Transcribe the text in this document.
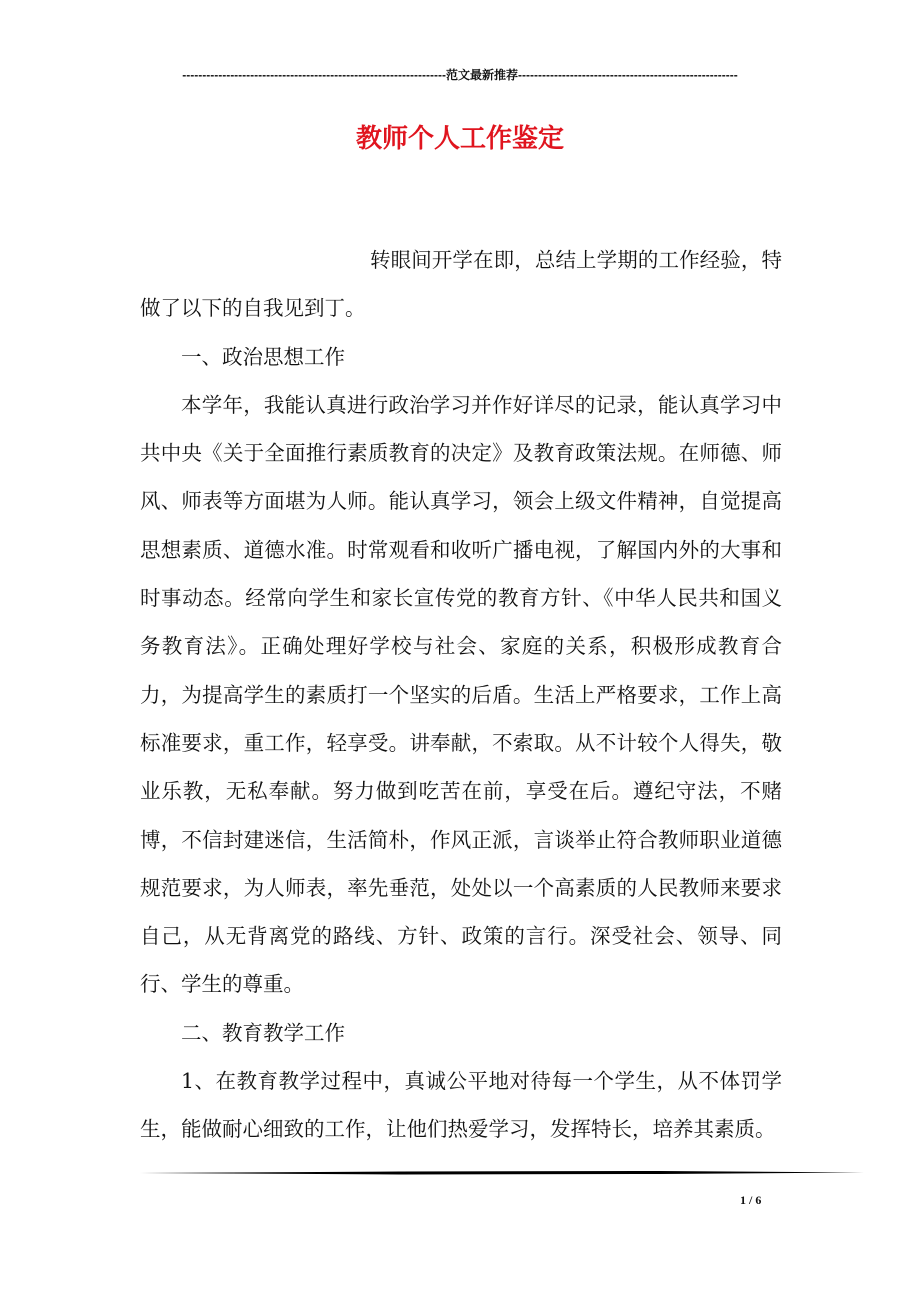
------------------------------------------------------------------范文最新推荐-------------------------------------------------------
教师个人工作鉴定

转眼间开学在即，总结上学期的工作经验，特做了以下的自我见到丁。

一、政治思想工作

本学年，我能认真进行政治学习并作好详尽的记录，能认真学习中共中央《关于全面推行素质教育的决定》及教育政策法规。在师德、师风、师表等方面堪为人师。能认真学习，领会上级文件精神，自觉提高思想素质、道德水准。时常观看和收听广播电视，了解国内外的大事和时事动态。经常向学生和家长宣传党的教育方针、《中华人民共和国义务教育法》。正确处理好学校与社会、家庭的关系，积极形成教育合力，为提高学生的素质打一个坚实的后盾。生活上严格要求，工作上高标准要求，重工作，轻享受。讲奉献，不索取。从不计较个人得失，敬业乐教，无私奉献。努力做到吃苦在前，享受在后。遵纪守法，不赌博，不信封建迷信，生活简朴，作风正派，言谈举止符合教师职业道德规范要求，为人师表，率先垂范，处处以一个高素质的人民教师来要求自己，从无背离党的路线、方针、政策的言行。深受社会、领导、同行、学生的尊重。

二、教育教学工作

1、在教育教学过程中，真诚公平地对待每一个学生，从不体罚学生，能做耐心细致的工作，让他们热爱学习，发挥特长，培养其素质。

1 / 6
